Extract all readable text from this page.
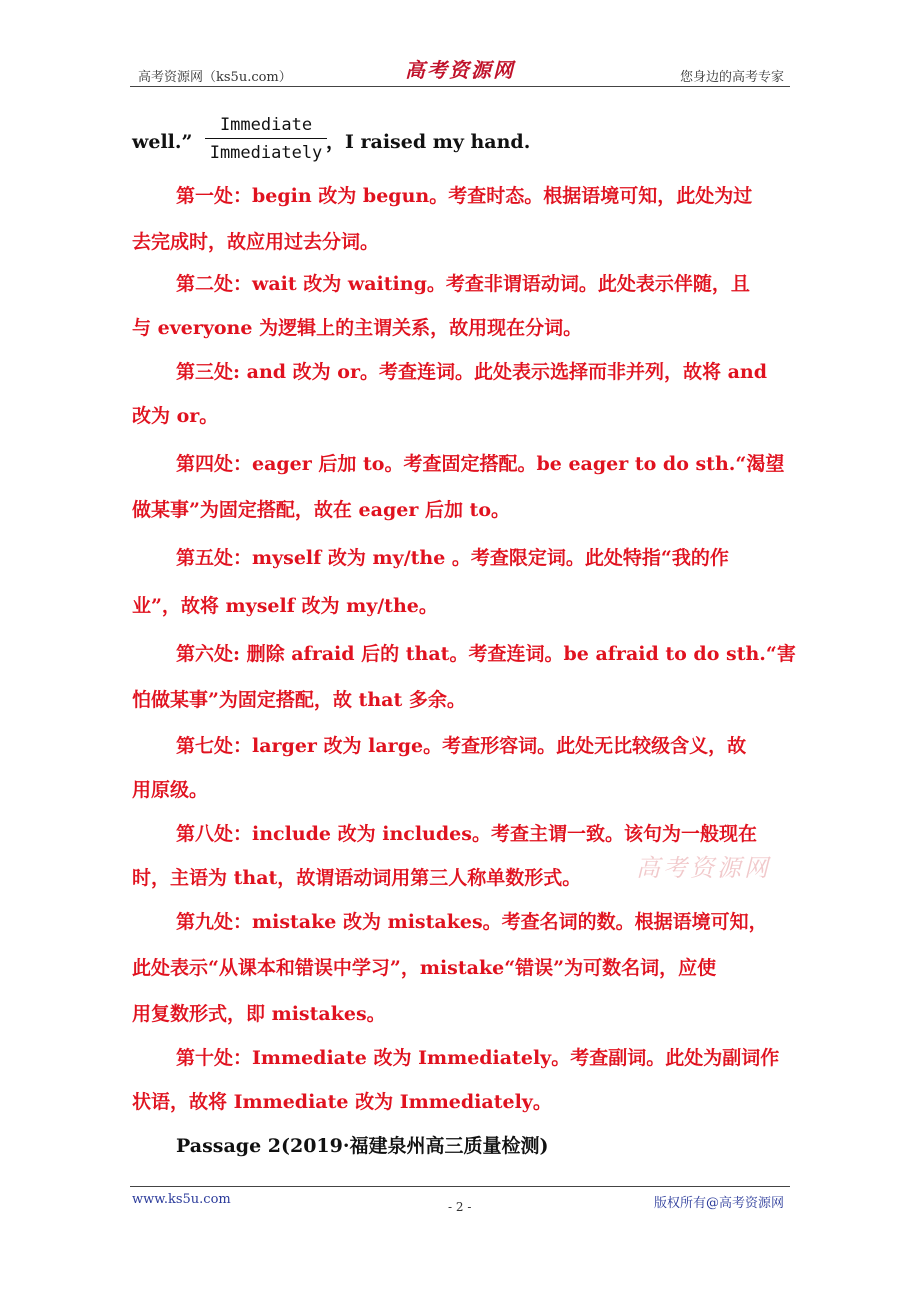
高考资源网（ks5u.com）	高考资源网	您身边的高考专家
well.”
Immediate
Immediately ，I raised my hand.
第一处：begin 改为 begun。考查时态。根据语境可知，此处为过
去完成时，故应用过去分词。
第二处：wait 改为 waiting。考查非谓语动词。此处表示伴随，且
与 everyone 为逻辑上的主谓关系，故用现在分词。
第三处: and 改为 or。考查连词。此处表示选择而非并列，故将 and
改为 or。
第四处：eager 后加 to。考查固定搭配。be eager to do sth.“渴望
做某事”为固定搭配，故在 eager 后加 to。
第五处：myself 改为 my/the 。考查限定词。此处特指“我的作
业”，故将 myself 改为 my/the。
第六处: 删除 afraid 后的 that。考查连词。be afraid to do sth.“害
怕做某事”为固定搭配，故 that 多余。
第七处：larger 改为 large。考查形容词。此处无比较级含义，故
用原级。
第八处：include 改为 includes。考查主谓一致。该句为一般现在
时，主语为 that，故谓语动词用第三人称单数形式。 高考资源网
第九处：mistake 改为 mistakes。考查名词的数。根据语境可知，
此处表示“从课本和错误中学习”，mistake“错误”为可数名词，应使
用复数形式，即 mistakes。
第十处：Immediate 改为 Immediately。考查副词。此处为副词作
状语，故将 Immediate 改为 Immediately。
Passage 2(2019·福建泉州高三质量检测)
www.ks5u.com	- 2 -	版权所有@高考资源网
